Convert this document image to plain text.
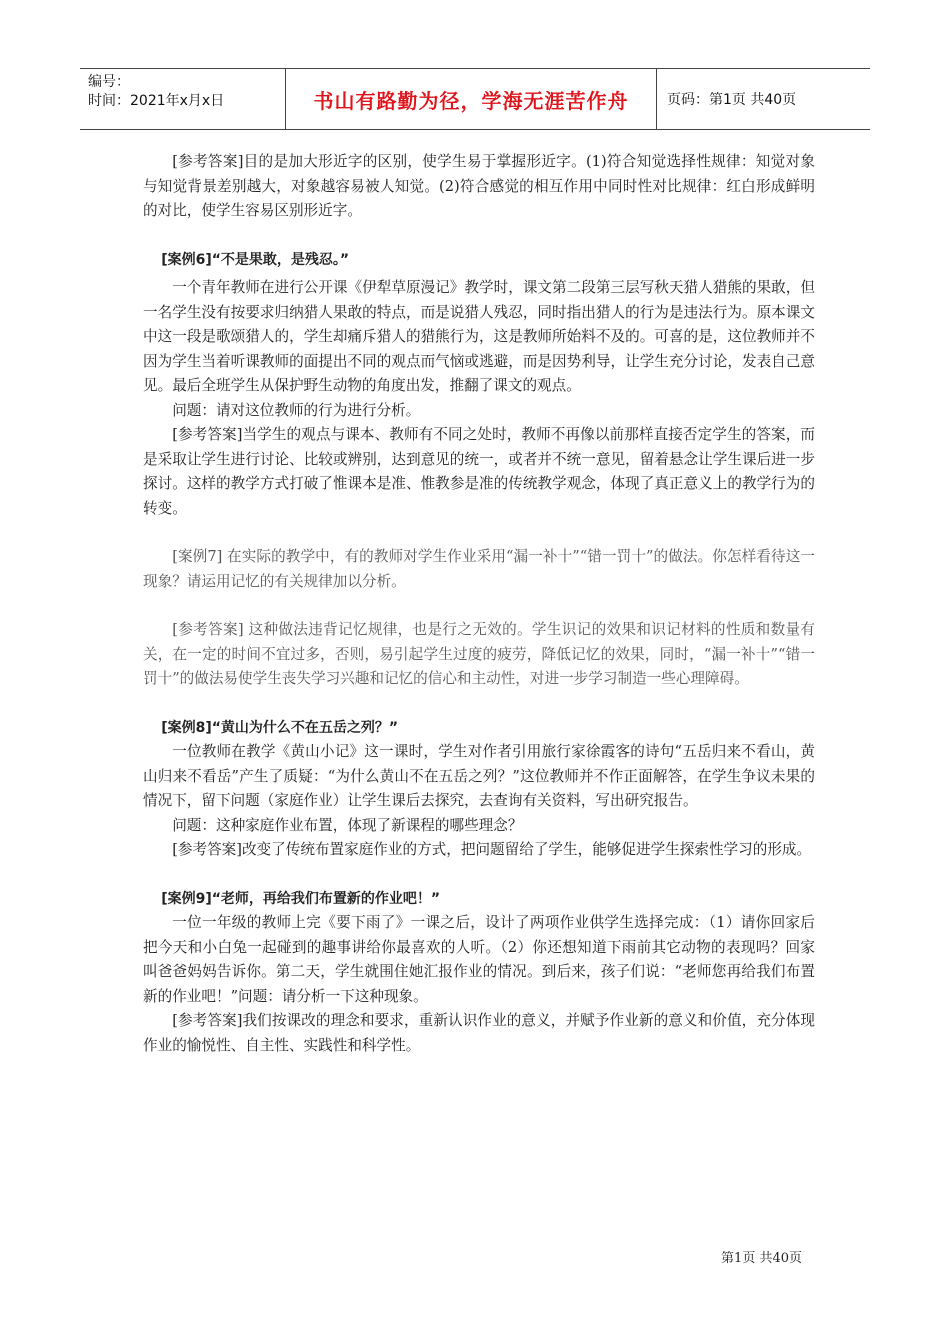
编号：
时间：2021年x月x日	书山有路勤为径，学海无涯苦作舟	页码：第1页 共40页

[参考答案]目的是加大形近字的区别，使学生易于掌握形近字。(1)符合知觉选择性规律：知觉对象与知觉背景差别越大，对象越容易被人知觉。(2)符合感觉的相互作用中同时性对比规律：红白形成鲜明的对比，使学生容易区别形近字。

[案例6]“不是果敢，是残忍。”

一个青年教师在进行公开课《伊犁草原漫记》教学时，课文第二段第三层写秋天猎人猎熊的果敢，但一名学生没有按要求归纳猎人果敢的特点，而是说猎人残忍，同时指出猎人的行为是违法行为。原本课文中这一段是歌颂猎人的，学生却痛斥猎人的猎熊行为，这是教师所始料不及的。可喜的是，这位教师并不因为学生当着听课教师的面提出不同的观点而气恼或逃避，而是因势利导，让学生充分讨论，发表自己意见。最后全班学生从保护野生动物的角度出发，推翻了课文的观点。

问题：请对这位教师的行为进行分析。

[参考答案]当学生的观点与课本、教师有不同之处时，教师不再像以前那样直接否定学生的答案，而是采取让学生进行讨论、比较或辨别，达到意见的统一，或者并不统一意见，留着悬念让学生课后进一步探讨。这样的教学方式打破了惟课本是准、惟教参是准的传统教学观念，体现了真正意义上的教学行为的转变。

[案例7] 在实际的教学中，有的教师对学生作业采用“漏一补十”“错一罚十”的做法。你怎样看待这一现象？请运用记忆的有关规律加以分析。

[参考答案] 这种做法违背记忆规律，也是行之无效的。学生识记的效果和识记材料的性质和数量有关，在一定的时间不宜过多，否则，易引起学生过度的疲劳，降低记忆的效果，同时，“漏一补十”“错一罚十”的做法易使学生丧失学习兴趣和记忆的信心和主动性，对进一步学习制造一些心理障碍。

[案例8]“黄山为什么不在五岳之列？”

一位教师在教学《黄山小记》这一课时，学生对作者引用旅行家徐霞客的诗句“五岳归来不看山，黄山归来不看岳”产生了质疑：“为什么黄山不在五岳之列？”这位教师并不作正面解答，在学生争议未果的情况下，留下问题（家庭作业）让学生课后去探究，去查询有关资料，写出研究报告。

问题：这种家庭作业布置，体现了新课程的哪些理念？

[参考答案]改变了传统布置家庭作业的方式，把问题留给了学生，能够促进学生探索性学习的形成。

[案例9]“老师，再给我们布置新的作业吧！”

一位一年级的教师上完《要下雨了》一课之后，设计了两项作业供学生选择完成：（1）请你回家后把今天和小白兔一起碰到的趣事讲给你最喜欢的人听。（2）你还想知道下雨前其它动物的表现吗？回家叫爸爸妈妈告诉你。第二天，学生就围住她汇报作业的情况。到后来，孩子们说：“老师您再给我们布置新的作业吧！”问题：请分析一下这种现象。

[参考答案]我们按课改的理念和要求，重新认识作业的意义，并赋予作业新的意义和价值，充分体现作业的愉悦性、自主性、实践性和科学性。

第1页 共40页
